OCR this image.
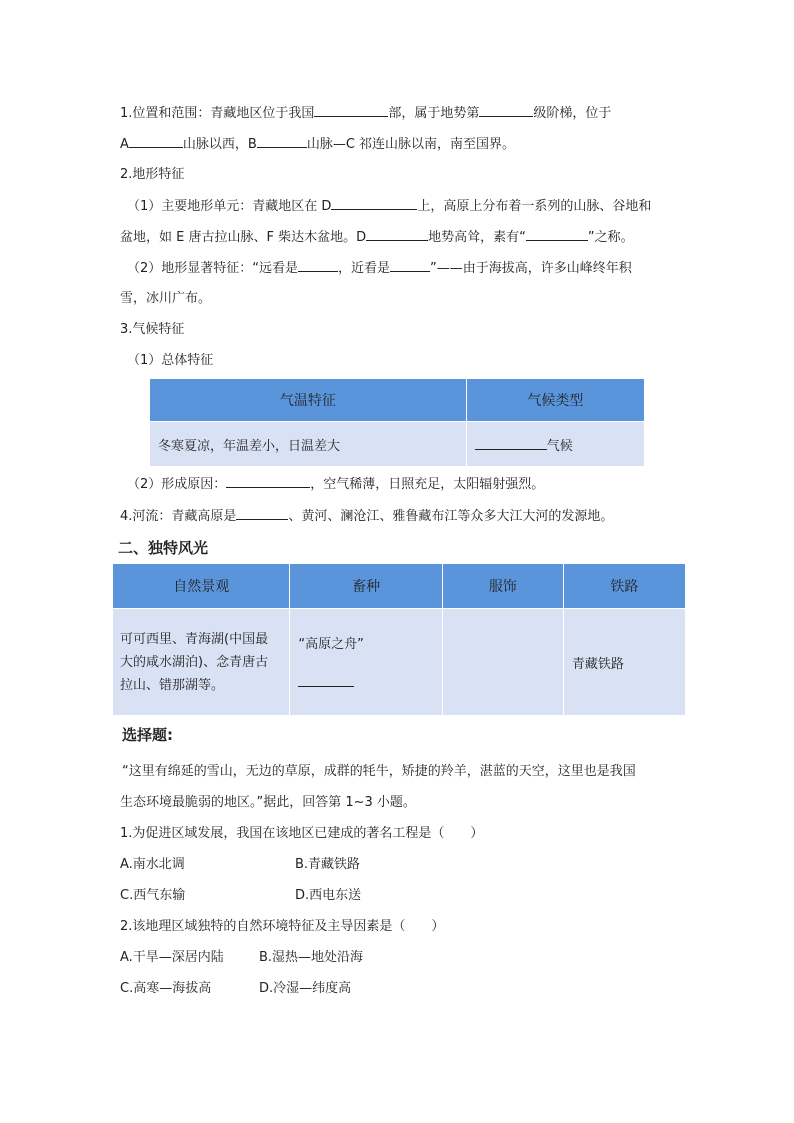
1.位置和范围：青藏地区位于我国	部，属于地势第	级阶梯，位于
A	山脉以西，B	山脉—C 祁连山脉以南，南至国界。
2.地形特征
（1）主要地形单元：青藏地区在 D	上，高原上分布着一系列的山脉、谷地和
盆地，如 E 唐古拉山脉、F 柴达木盆地。D	地势高耸，素有“	”之称。
（2）地形显著特征：“远看是	，近看是	”——由于海拔高，许多山峰终年积
雪，冰川广布。
3.气候特征
（1）总体特征
气温特征	气候类型
冬寒夏凉，年温差小，日温差大	气候
（2）形成原因：	，空气稀薄，日照充足，太阳辐射强烈。
4.河流：青藏高原是	、黄河、澜沧江、雅鲁藏布江等众多大江大河的发源地。
二、独特风光
自然景观	畜种	服饰	铁路

可可西里、青海湖(中国最
大的咸水湖泊)、念青唐古
拉山、错那湖等。	“高原之舟”		青藏铁路
选择题:
“这里有绵延的雪山，无边的草原，成群的牦牛，矫捷的羚羊，湛蓝的天空，这里也是我国
生态环境最脆弱的地区。”据此，回答第 1~3 小题。
1.为促进区域发展，我国在该地区已建成的著名工程是（　　）
A.南水北调	B.青藏铁路
C.西气东输	D.西电东送
2.该地理区域独特的自然环境特征及主导因素是（　　）
A.干旱—深居内陆	B.湿热—地处沿海
C.高寒—海拔高	D.冷湿—纬度高
